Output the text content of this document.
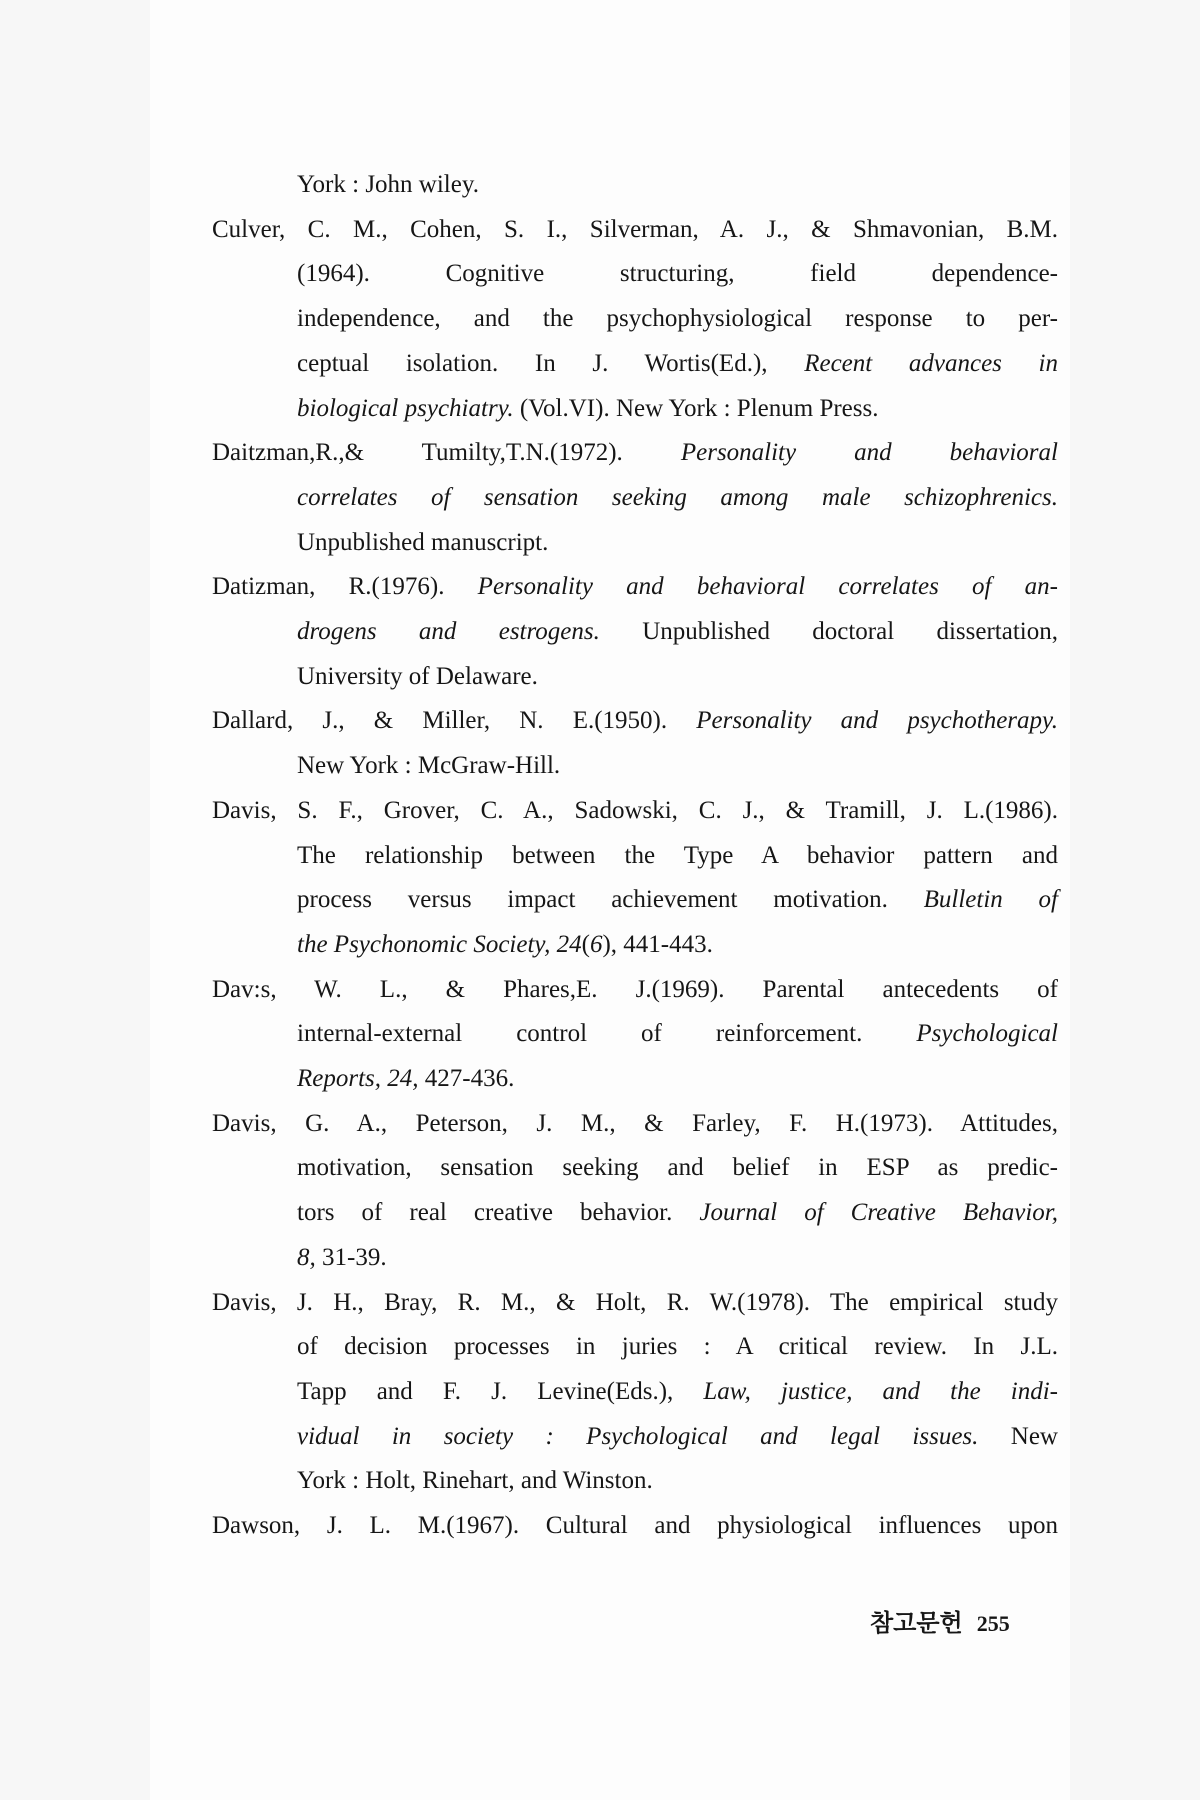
York : John wiley.
Culver, C. M., Cohen, S. I., Silverman, A. J., & Shmavonian, B.M.
(1964). Cognitive structuring, field dependence-
independence, and the psychophysiological response to per-
ceptual isolation. In J. Wortis(Ed.), Recent advances in
biological psychiatry. (Vol.VI). New York : Plenum Press.
Daitzman,R.,& Tumilty,T.N.(1972). Personality and behavioral
correlates of sensation seeking among male schizophrenics.
Unpublished manuscript.
Datizman, R.(1976). Personality and behavioral correlates of an-
drogens and estrogens. Unpublished doctoral dissertation,
University of Delaware.
Dallard, J., & Miller, N. E.(1950). Personality and psychotherapy.
New York : McGraw-Hill.
Davis, S. F., Grover, C. A., Sadowski, C. J., & Tramill, J. L.(1986).
The relationship between the Type A behavior pattern and
process versus impact achievement motivation. Bulletin of
the Psychonomic Society, 24(6), 441-443.
Dav:s, W. L., & Phares,E. J.(1969). Parental antecedents of
internal-external control of reinforcement. Psychological
Reports, 24, 427-436.
Davis, G. A., Peterson, J. M., & Farley, F. H.(1973). Attitudes,
motivation, sensation seeking and belief in ESP as predic-
tors of real creative behavior. Journal of Creative Behavior,
8, 31-39.
Davis, J. H., Bray, R. M., & Holt, R. W.(1978). The empirical study
of decision processes in juries : A critical review. In J.L.
Tapp and F. J. Levine(Eds.), Law, justice, and the indi-
vidual in society : Psychological and legal issues. New
York : Holt, Rinehart, and Winston.
Dawson, J. L. M.(1967). Cultural and physiological influences upon
참고문헌 255
